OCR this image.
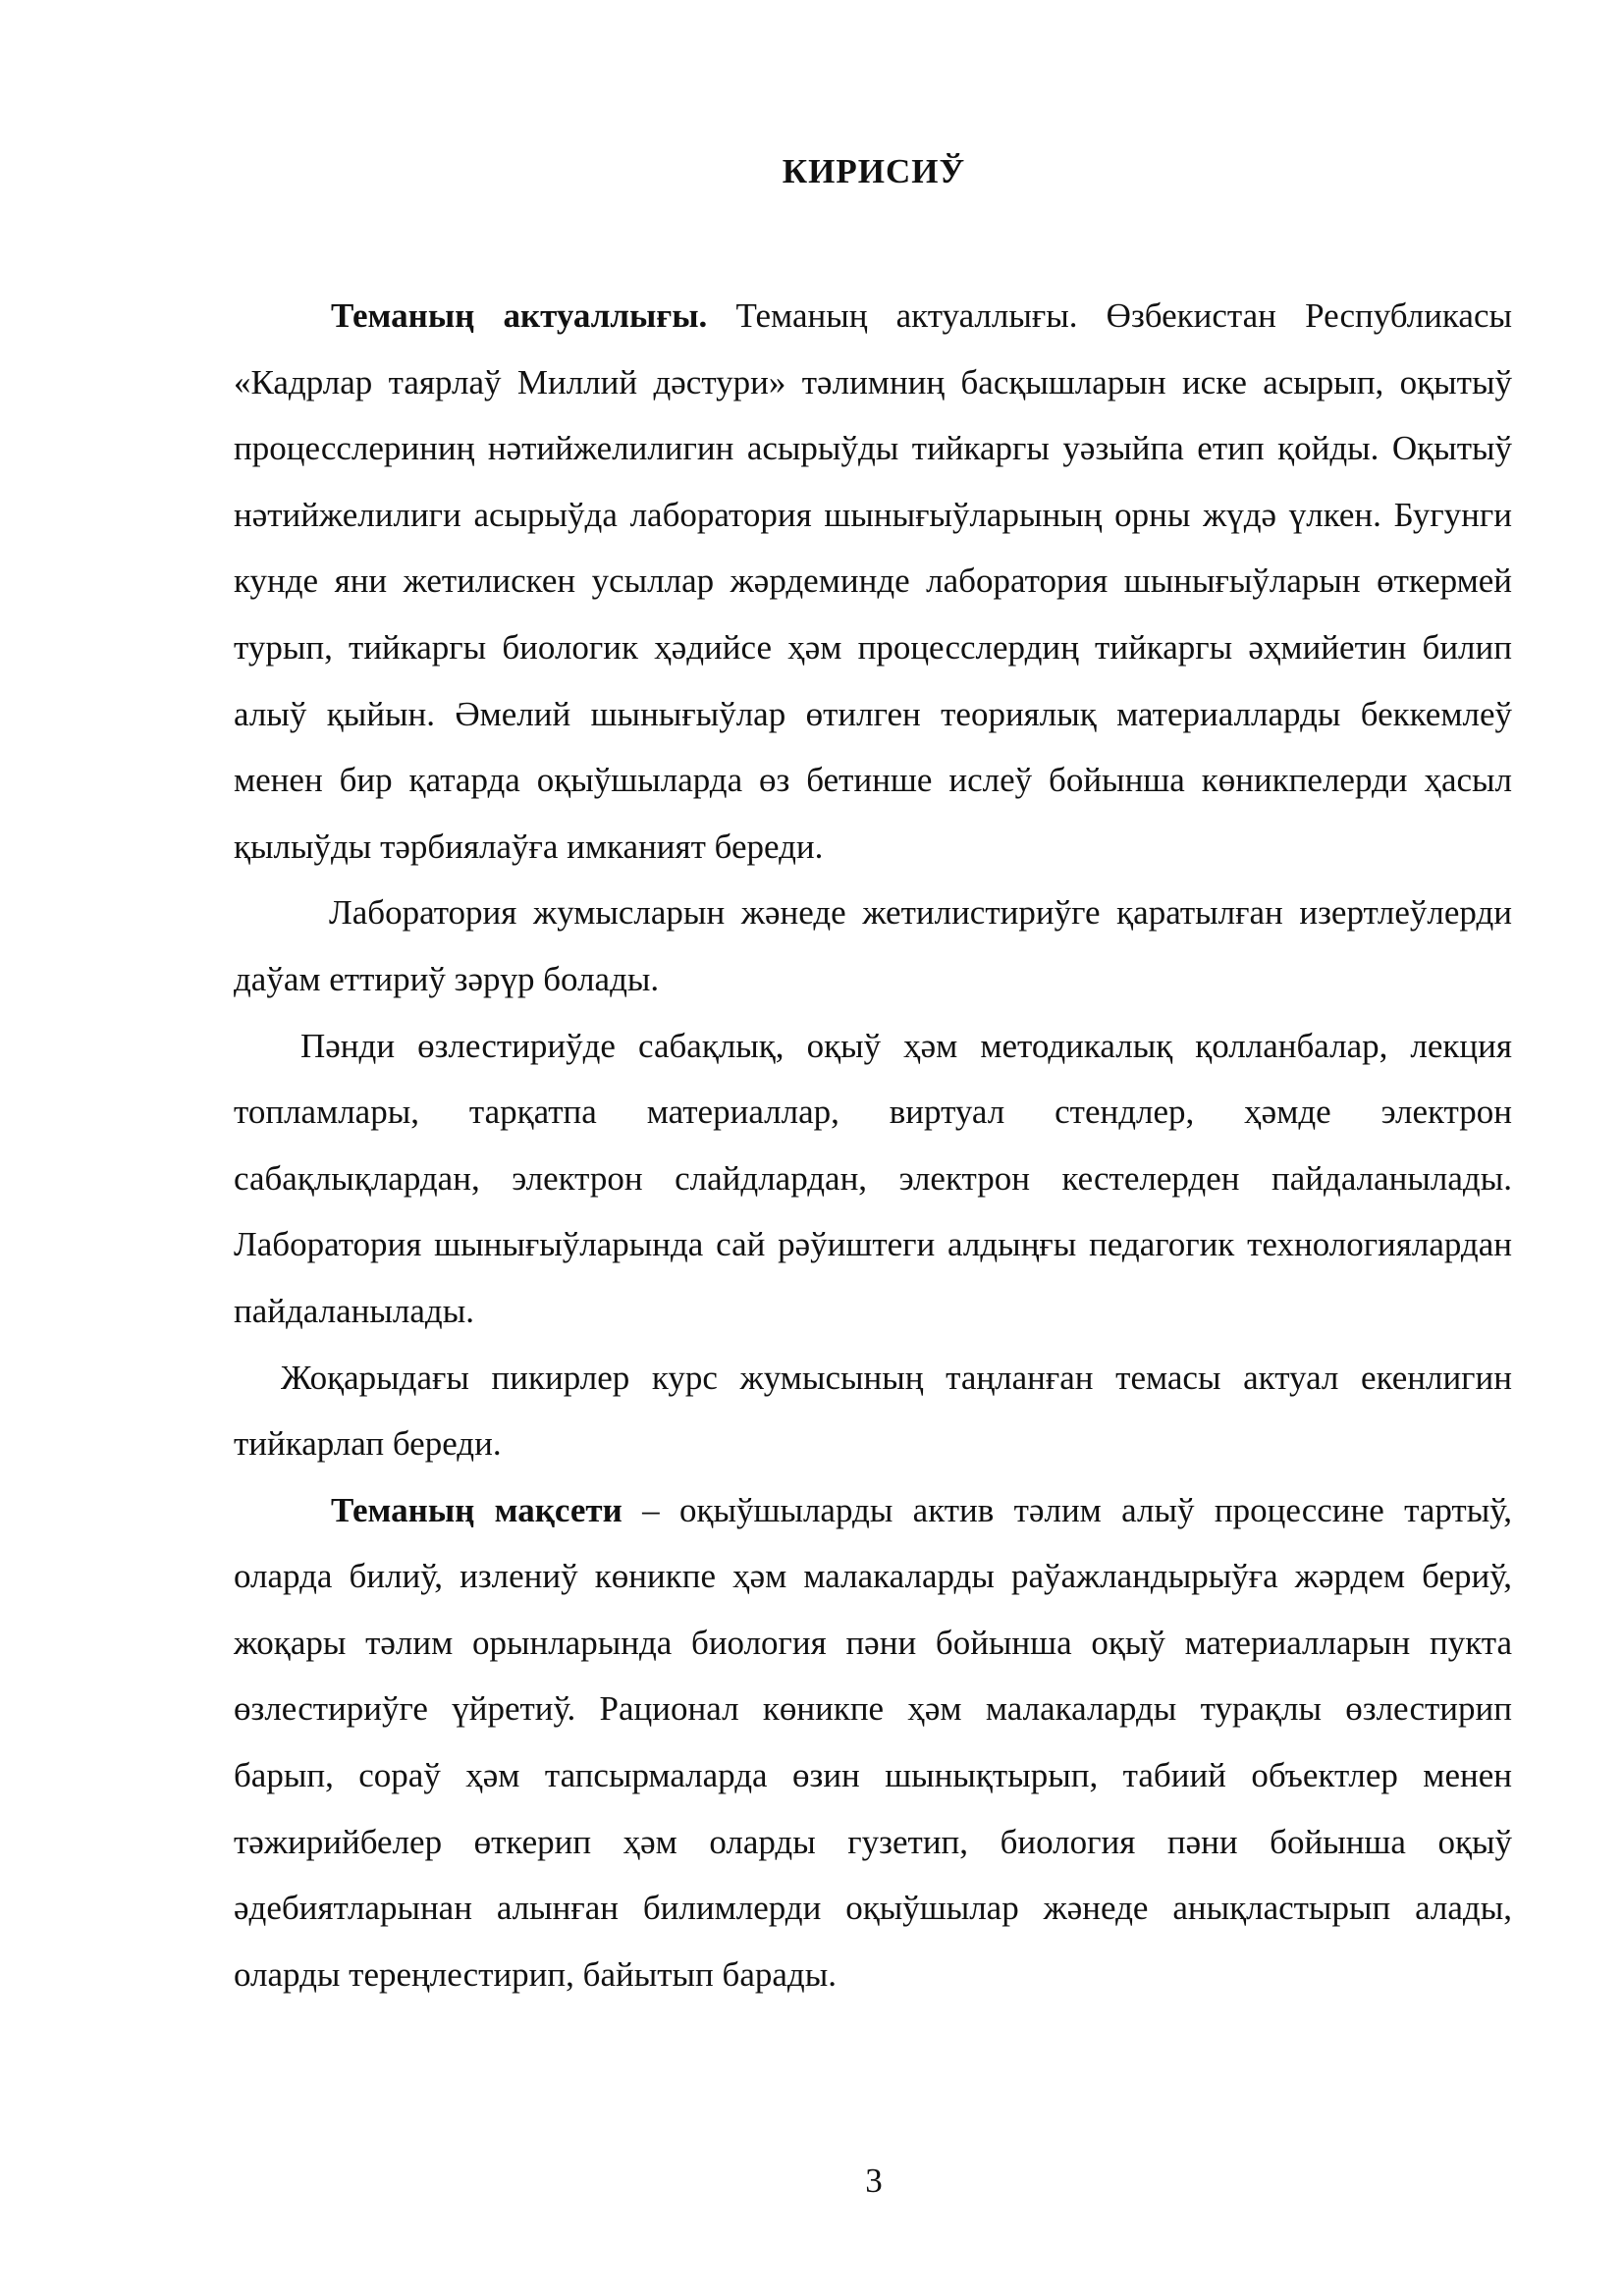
КИРИСИЎ

Теманың актуаллығы. Теманың актуаллығы. Өзбекистан Республикасы «Кадрлар таярлаў Миллий дәстури» тәлимниң басқышларын иске асырып, оқытыў процесслериниң нәтийжелилигин асырыўды тийкаргы уәзыйпа етип қойды. Оқытыў нәтийжелилиги асырыўда лаборатория шынығыўларының орны жүдә үлкен. Бугунги кунде яни жетилискен усыллар жәрдеминде лаборатория шынығыўларын өткермей турып, тийкаргы биологик ҳәдийсе ҳәм процесслердиң тийкаргы әҳмийетин билип алыў қыйын. Әмелий шынығыўлар өтилген теориялық материалларды беккемлеў менен бир қатарда оқыўшыларда өз бетинше ислеў бойынша көникпелерди ҳасыл қылыўды тәрбиялаўға имканият береди.

Лаборатория жумысларын жәнеде жетилистириўге қаратылған изертлеўлерди даўам еттириў зәрүр болады.

Пәнди өзлестириўде сабақлық, оқыў ҳәм методикалық қолланбалар, лекция топламлары, тарқатпа материаллар, виртуал стендлер, ҳәмде электрон сабақлықлардан, электрон слайдлардан, электрон кестелерден пайдаланылады. Лаборатория шынығыўларында сай рәўиштеги алдыңғы педагогик технологиялардан пайдаланылады.

Жоқарыдағы пикирлер курс жумысының таңланған темасы актуал екенлигин тийкарлап береди.

Теманың мақсети – оқыўшыларды актив тәлим алыў процессине тартыў, оларда билиў, излениў көникпе ҳәм малакаларды раўажландырыўға жәрдем бериў, жоқары тәлим орынларында биология пәни бойынша оқыў материалларын пукта өзлестириўге үйретиў. Рационал көникпе ҳәм малакаларды турақлы өзлестирип барып, сораў ҳәм тапсырмаларда өзин шынықтырып, табиий объектлер менен тәжирийбелер өткерип ҳәм оларды гузетип, биология пәни бойынша оқыў әдебиятларынан алынған билимлерди оқыўшылар жәнеде анықластырып алады, оларды тереңлестирип, байытып барады.

3
